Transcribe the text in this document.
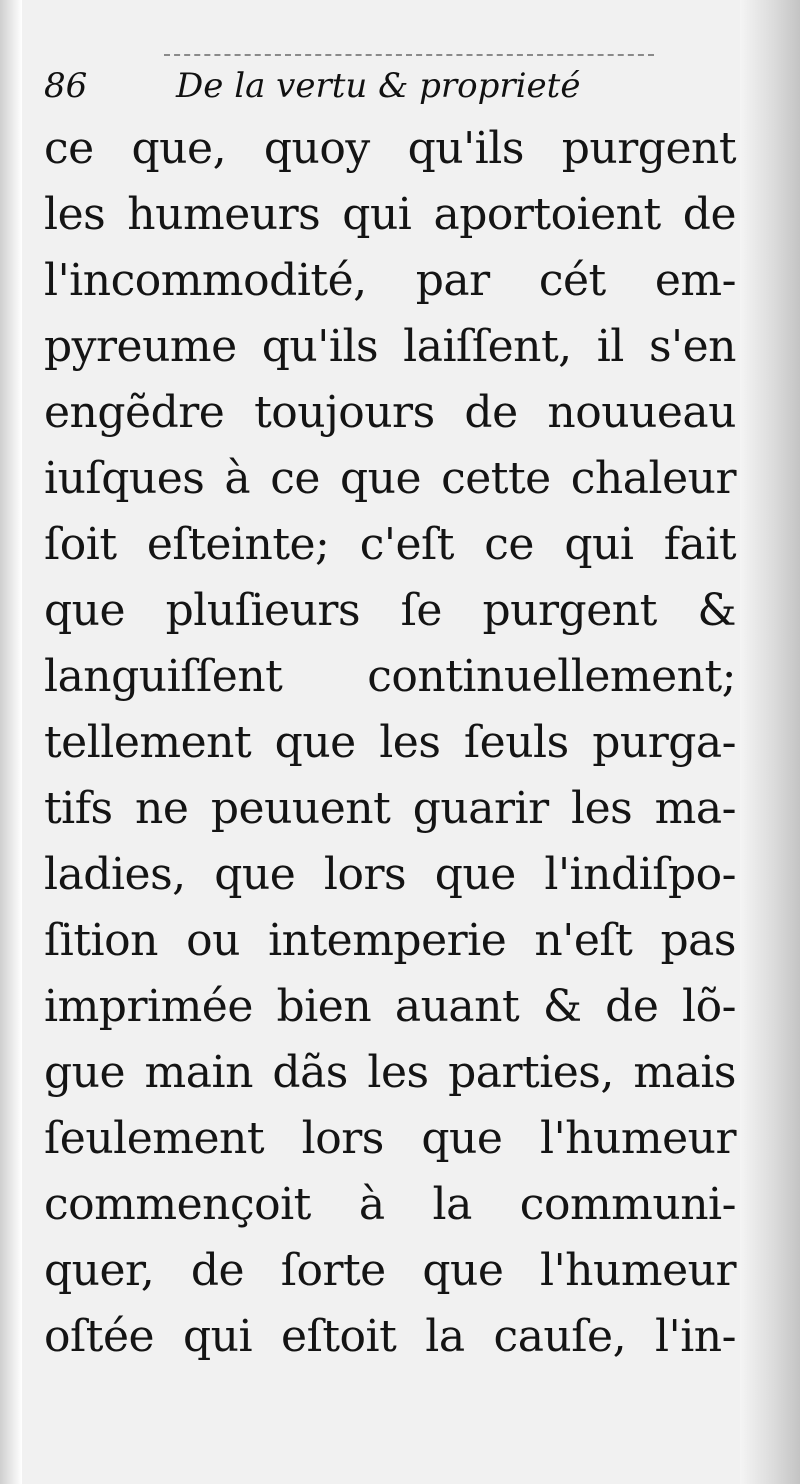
86	De la vertu & proprieté
ce que, quoy qu'ils purgent
les humeurs qui aportoient de
l'incommodité, par cét em-
pyreume qu'ils laiſſent, il s'en
engẽdre toujours de nouueau
iuſques à ce que cette chaleur
ſoit eſteinte; c'eſt ce qui fait
que pluſieurs ſe purgent &
languiſſent continuellement;
tellement que les ſeuls purga-
tifs ne peuuent guarir les ma-
ladies, que lors que l'indiſpo-
ſition ou intemperie n'eſt pas
imprimée bien auant & de lõ-
gue main dãs les parties, mais
ſeulement lors que l'humeur
commençoit à la communi-
quer, de ſorte que l'humeur
oſtée qui eſtoit la cauſe, l'in-
